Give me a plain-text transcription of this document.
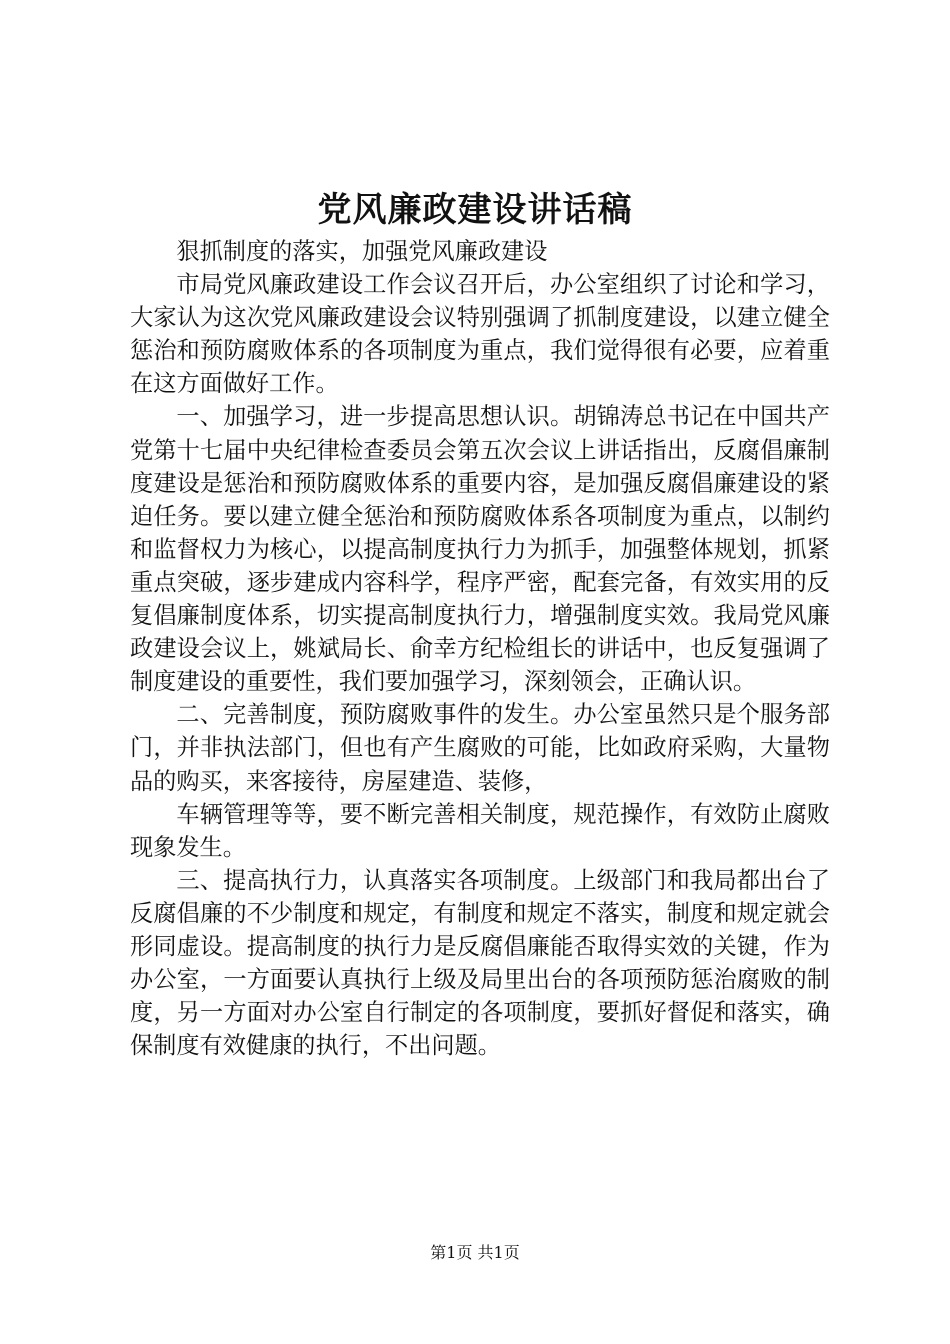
党风廉政建设讲话稿

狠抓制度的落实，加强党风廉政建设

市局党风廉政建设工作会议召开后，办公室组织了讨论和学习，大家认为这次党风廉政建设会议特别强调了抓制度建设，以建立健全惩治和预防腐败体系的各项制度为重点，我们觉得很有必要，应着重在这方面做好工作。

一、加强学习，进一步提高思想认识。胡锦涛总书记在中国共产党第十七届中央纪律检查委员会第五次会议上讲话指出，反腐倡廉制度建设是惩治和预防腐败体系的重要内容，是加强反腐倡廉建设的紧迫任务。要以建立健全惩治和预防腐败体系各项制度为重点，以制约和监督权力为核心，以提高制度执行力为抓手，加强整体规划，抓紧重点突破，逐步建成内容科学，程序严密，配套完备，有效实用的反复倡廉制度体系，切实提高制度执行力，增强制度实效。我局党风廉政建设会议上，姚斌局长、俞幸方纪检组长的讲话中，也反复强调了制度建设的重要性，我们要加强学习，深刻领会，正确认识。

二、完善制度，预防腐败事件的发生。办公室虽然只是个服务部门，并非执法部门，但也有产生腐败的可能，比如政府采购，大量物品的购买，来客接待，房屋建造、装修，

车辆管理等等，要不断完善相关制度，规范操作，有效防止腐败现象发生。

三、提高执行力，认真落实各项制度。上级部门和我局都出台了反腐倡廉的不少制度和规定，有制度和规定不落实，制度和规定就会形同虚设。提高制度的执行力是反腐倡廉能否取得实效的关键，作为办公室，一方面要认真执行上级及局里出台的各项预防惩治腐败的制度，另一方面对办公室自行制定的各项制度，要抓好督促和落实，确保制度有效健康的执行，不出问题。

第1页 共1页
